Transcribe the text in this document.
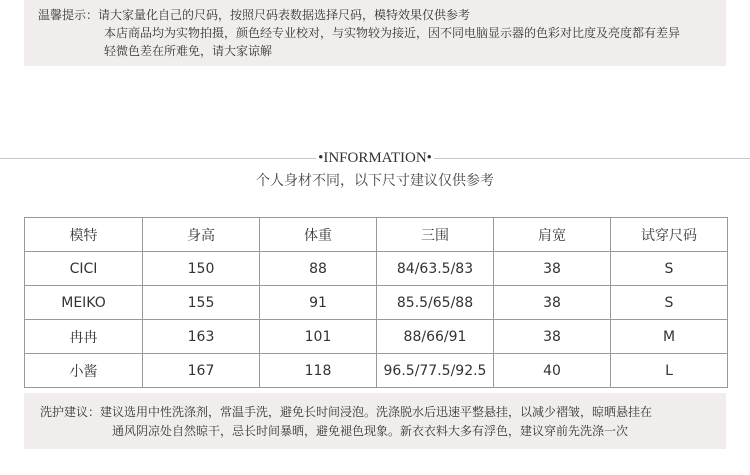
温馨提示： 请大家量化自己的尺码，按照尺码表数据选择尺码，模特效果仅供参考
本店商品均为实物拍摄，颜色经专业校对，与实物较为接近，因不同电脑显示器的色彩对比度及亮度都有差异
轻微色差在所难免，请大家谅解
•INFORMATION•
个人身材不同，以下尺寸建议仅供参考
模特	身高	体重	三围	肩宽	试穿尺码
CICI	150	88	84/63.5/83	38	S
MEIKO	155	91	85.5/65/88	38	S
冉冉	163	101	88/66/91	38	M
小酱	167	118	96.5/77.5/92.5	40	L
洗护建议： 建议选用中性洗涤剂，常温手洗，避免长时间浸泡。洗涤脱水后迅速平整悬挂，以减少褶皱，晾晒悬挂在
通风阴凉处自然晾干，忌长时间暴晒，避免褪色现象。新衣衣料大多有浮色，建议穿前先洗涤一次
